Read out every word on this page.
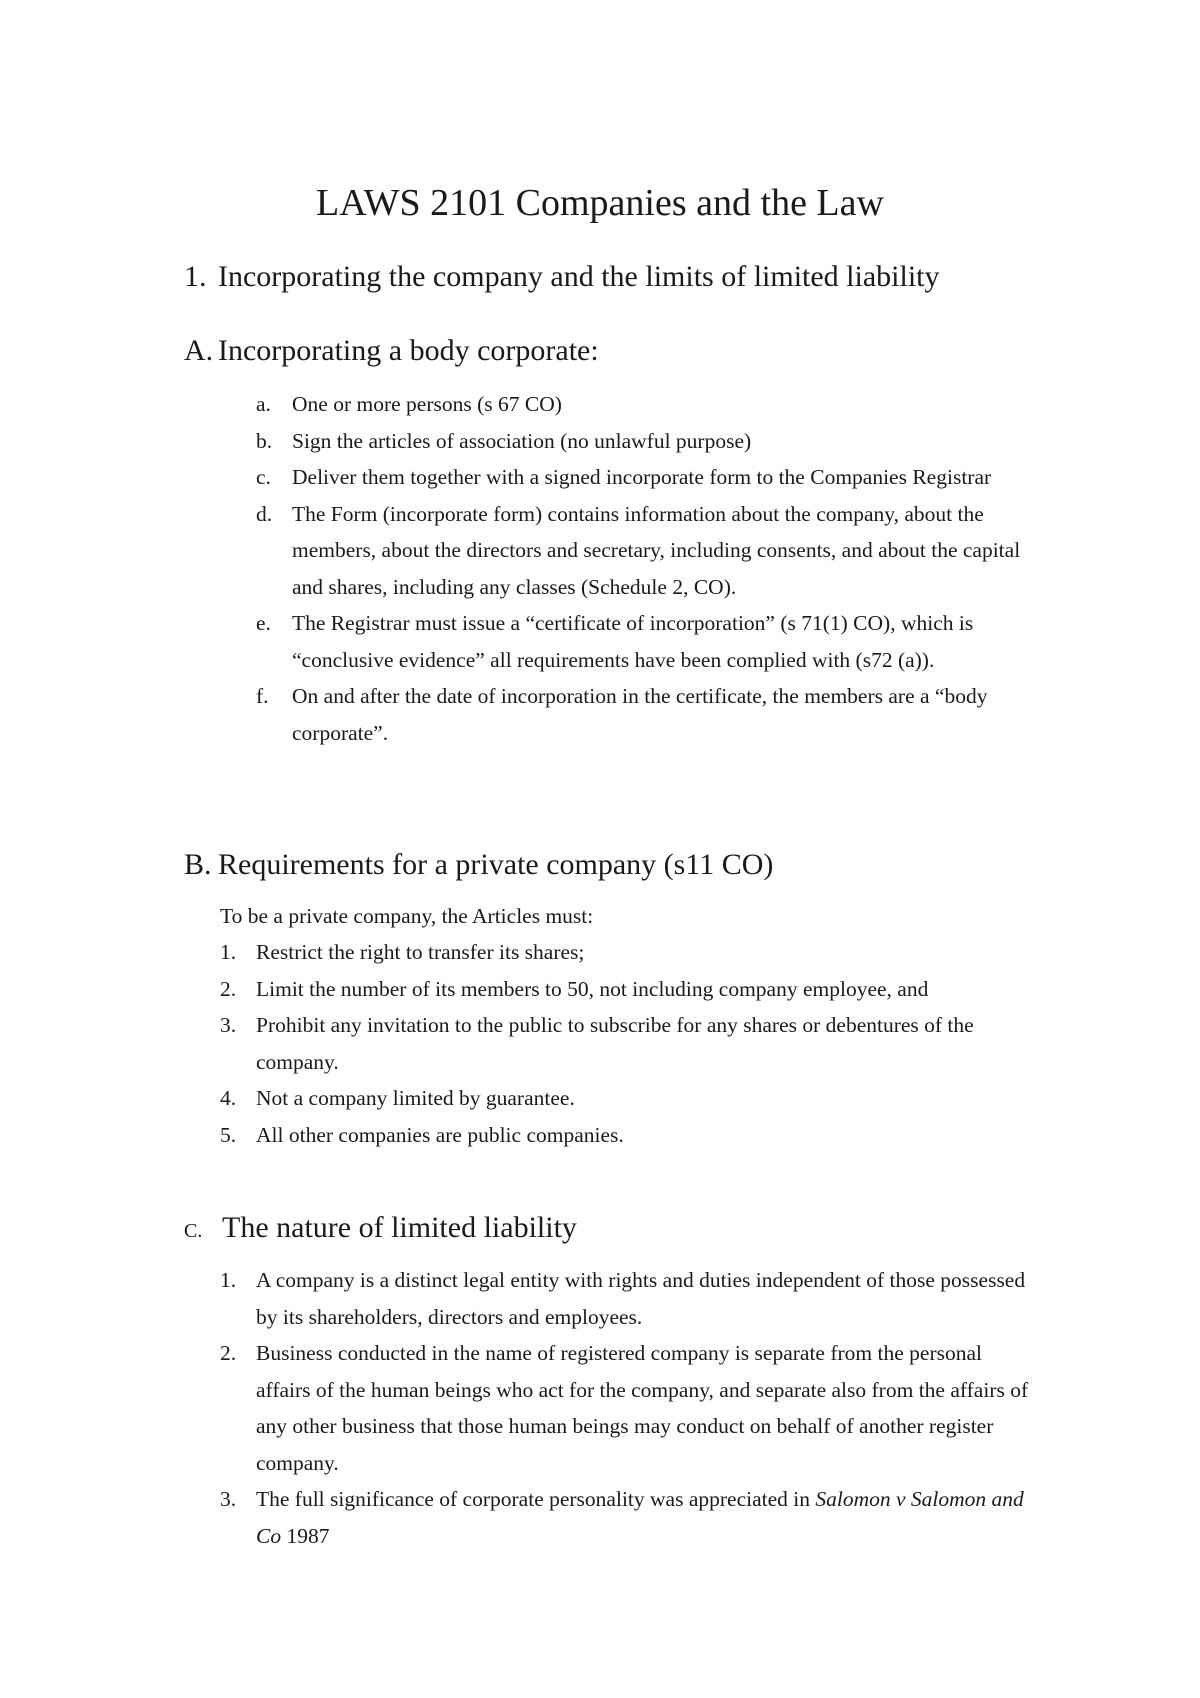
LAWS 2101 Companies and the Law
1. Incorporating the company and the limits of limited liability
A. Incorporating a body corporate:
a. One or more persons (s 67 CO)
b. Sign the articles of association (no unlawful purpose)
c. Deliver them together with a signed incorporate form to the Companies Registrar
d. The Form (incorporate form) contains information about the company, about the members, about the directors and secretary, including consents, and about the capital and shares, including any classes (Schedule 2, CO).
e. The Registrar must issue a “certificate of incorporation” (s 71(1) CO), which is “conclusive evidence” all requirements have been complied with (s72 (a)).
f. On and after the date of incorporation in the certificate, the members are a “body corporate”.
B. Requirements for a private company (s11 CO)

To be a private company, the Articles must:

1. Restrict the right to transfer its shares;
2. Limit the number of its members to 50, not including company employee, and
3. Prohibit any invitation to the public to subscribe for any shares or debentures of the company.
4. Not a company limited by guarantee.
5. All other companies are public companies.
C. The nature of limited liability
1. A company is a distinct legal entity with rights and duties independent of those possessed by its shareholders, directors and employees.
2. Business conducted in the name of registered company is separate from the personal affairs of the human beings who act for the company, and separate also from the affairs of any other business that those human beings may conduct on behalf of another register company.
3. The full significance of corporate personality was appreciated in Salomon v Salomon and Co 1987
